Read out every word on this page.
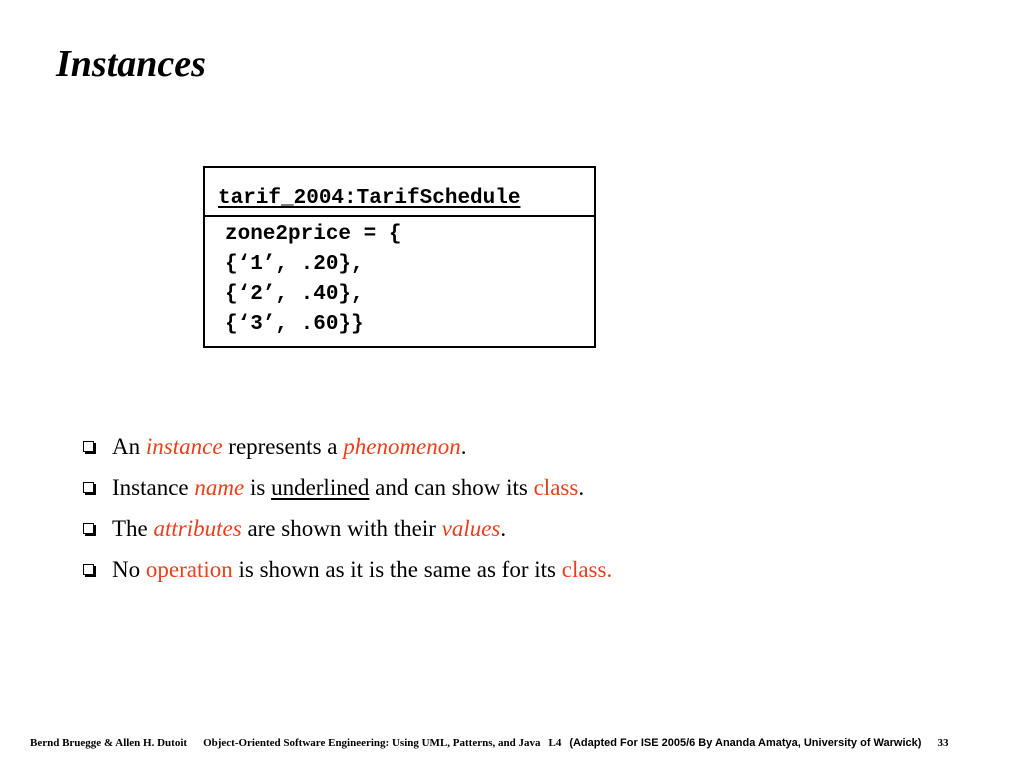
Instances
tarif_2004:TarifSchedule
zone2price = {
{‘1’, .20},
{‘2’, .40},
{‘3’, .60}}
An instance represents a phenomenon.
Instance name is underlined and can show its class.
The attributes are shown with their values.
No operation is shown as it is the same as for its class.
Bernd Bruegge & Allen H. Dutoit Object-Oriented Software Engineering: Using UML, Patterns, and Java L4 (Adapted For ISE 2005/6 By Ananda Amatya, University of Warwick) 33
